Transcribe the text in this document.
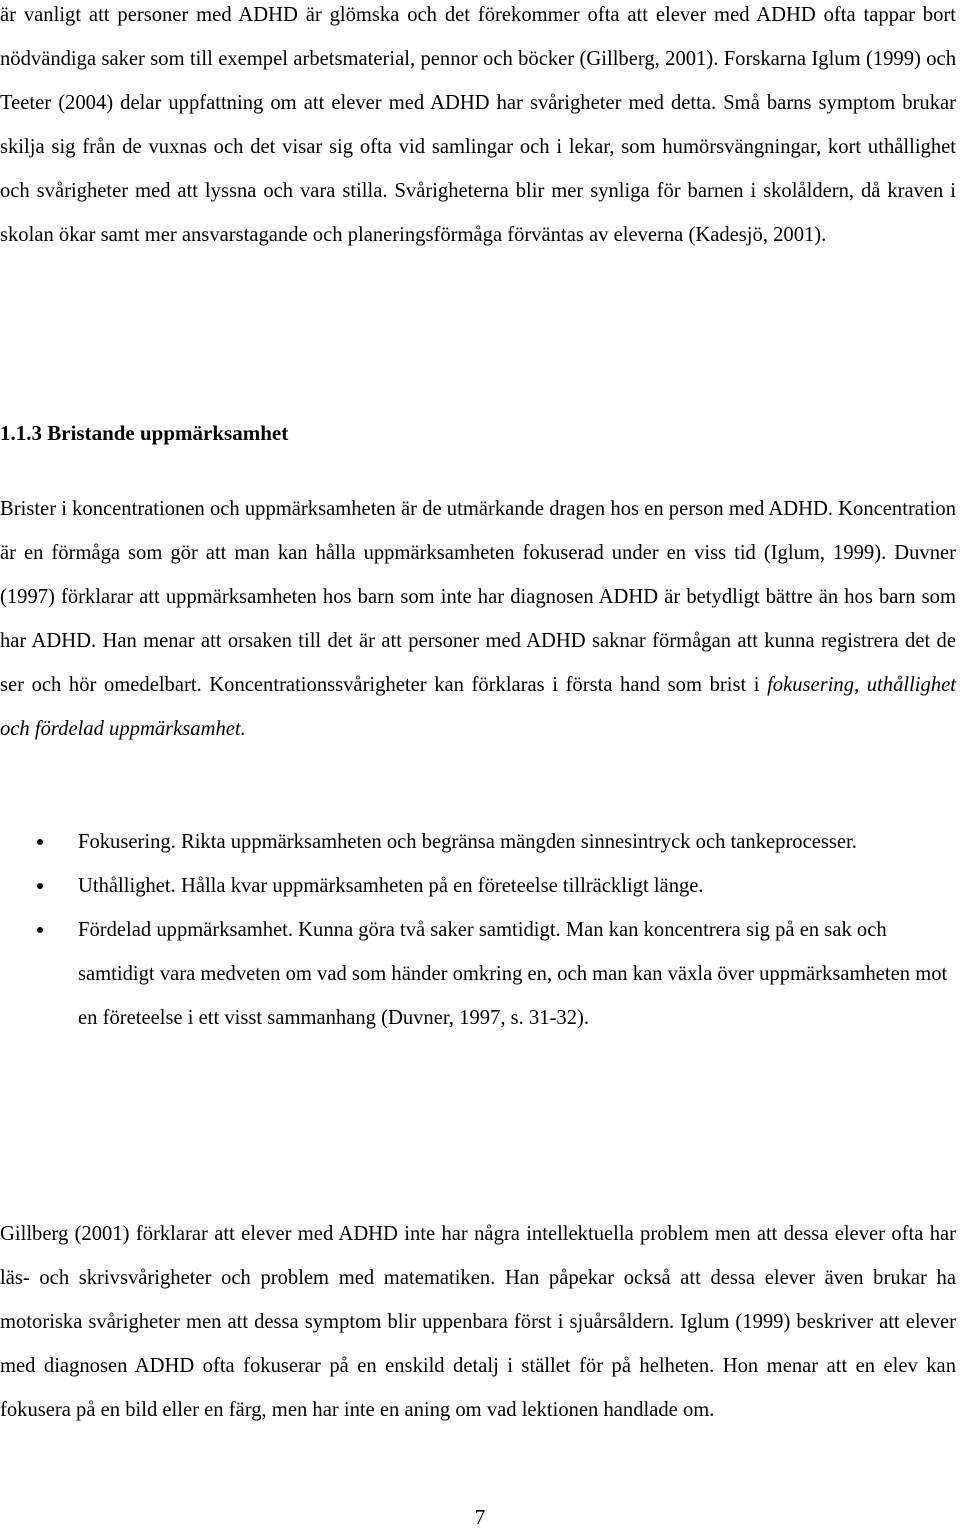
är vanligt att personer med ADHD är glömska och det förekommer ofta att elever med ADHD ofta tappar bort nödvändiga saker som till exempel arbetsmaterial, pennor och böcker (Gillberg, 2001). Forskarna Iglum (1999) och Teeter (2004) delar uppfattning om att elever med ADHD har svårigheter med detta. Små barns symptom brukar skilja sig från de vuxnas och det visar sig ofta vid samlingar och i lekar, som humörsvängningar, kort uthållighet och svårigheter med att lyssna och vara stilla. Svårigheterna blir mer synliga för barnen i skolåldern, då kraven i skolan ökar samt mer ansvarstagande och planeringsförmåga förväntas av eleverna (Kadesjö, 2001).

1.1.3 Bristande uppmärksamhet

Brister i koncentrationen och uppmärksamheten är de utmärkande dragen hos en person med ADHD. Koncentration är en förmåga som gör att man kan hålla uppmärksamheten fokuserad under en viss tid (Iglum, 1999). Duvner (1997) förklarar att uppmärksamheten hos barn som inte har diagnosen ADHD är betydligt bättre än hos barn som har ADHD. Han menar att orsaken till det är att personer med ADHD saknar förmågan att kunna registrera det de ser och hör omedelbart. Koncentrationssvårigheter kan förklaras i första hand som brist i fokusering, uthållighet och fördelad uppmärksamhet.

Fokusering. Rikta uppmärksamheten och begränsa mängden sinnesintryck och tankeprocesser.
Uthållighet. Hålla kvar uppmärksamheten på en företeelse tillräckligt länge.
Fördelad uppmärksamhet. Kunna göra två saker samtidigt. Man kan koncentrera sig på en sak och samtidigt vara medveten om vad som händer omkring en, och man kan växla över uppmärksamheten mot en företeelse i ett visst sammanhang (Duvner, 1997, s. 31-32).

Gillberg (2001) förklarar att elever med ADHD inte har några intellektuella problem men att dessa elever ofta har läs- och skrivsvårigheter och problem med matematiken. Han påpekar också att dessa elever även brukar ha motoriska svårigheter men att dessa symptom blir uppenbara först i sjuårsåldern. Iglum (1999) beskriver att elever med diagnosen ADHD ofta fokuserar på en enskild detalj i stället för på helheten. Hon menar att en elev kan fokusera på en bild eller en färg, men har inte en aning om vad lektionen handlade om.

7
